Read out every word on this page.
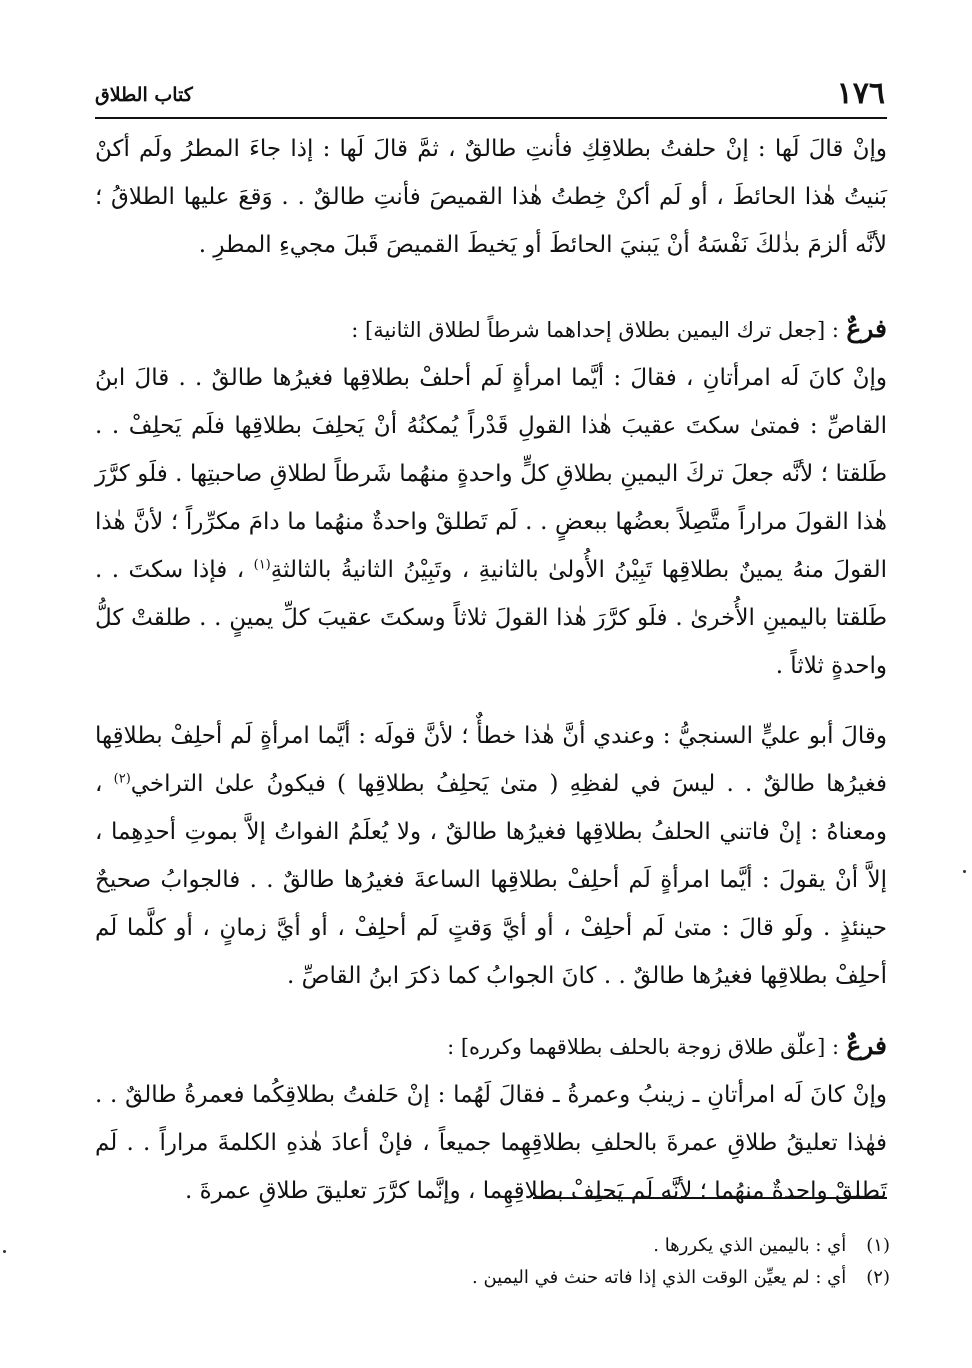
١٧٦
كتاب الطلاق

وإنْ قالَ لَها : إنْ حلفتُ بطلاقِكِ فأنتِ طالقٌ ، ثمَّ قالَ لَها : إذا جاءَ المطرُ ولَم أكنْ بَنيتُ هٰذا الحائطَ ، أو لَم أكنْ خِطتُ هٰذا القميصَ فأنتِ طالقٌ . . وَقعَ عليها الطلاقُ ؛ لأنَّه ألزمَ بذٰلكَ نَفْسَهُ أنْ يَبنيَ الحائطَ أو يَخيطَ القميصَ قَبلَ مجيءِ المطرِ .

فرعٌ : [جعل ترك اليمين بطلاق إحداهما شرطاً لطلاق الثانية] :

وإنْ كانَ لَه امرأتانِ ، فقالَ : أيَّما امرأةٍ لَم أحلفْ بطلاقِها فغيرُها طالقٌ . . قالَ ابنُ القاصِّ : فمتىٰ سكتَ عقيبَ هٰذا القولِ قَدْراً يُمكنُهُ أنْ يَحلِفَ بطلاقِها فلَم يَحلِفْ . . طَلقتا ؛ لأنَّه جعلَ تركَ اليمينِ بطلاقِ كلٍّ واحدةٍ منهُما شَرطاً لطلاقِ صاحبتِها . فلَو كرَّرَ هٰذا القولَ مراراً متَّصِلاً بعضُها ببعضٍ . . لَم تَطلقْ واحدةٌ منهُما ما دامَ مكرِّراً ؛ لأنَّ هٰذا القولَ منهُ يمينٌ بطلاقِها تَبِيْنُ الأُولىٰ بالثانيةِ ، وتَبِيْنُ الثانيةُ بالثالثةِ$^{(١)}$ ، فإذا سكتَ . . طَلقتا باليمينِ الأُخرىٰ . فلَو كرَّرَ هٰذا القولَ ثلاثاً وسكتَ عقيبَ كلِّ يمينٍ . . طلقتْ كلُّ واحدةٍ ثلاثاً .

وقالَ أبو عليٍّ السنجيُّ : وعندي أنَّ هٰذا خطأٌ ؛ لأنَّ قولَه : أيَّما امرأةٍ لَم أحلِفْ بطلاقِها فغيرُها طالقٌ . . ليسَ في لفظِهِ ( متىٰ يَحلِفُ بطلاقِها ) فيكونُ علىٰ التراخي$^{(٢)}$ ، ومعناهُ : إنْ فاتني الحلفُ بطلاقِها فغيرُها طالقٌ ، ولا يُعلَمُ الفواتُ إلاَّ بموتِ أحدِهِما ، إلاَّ أنْ يقولَ : أيَّما امرأةٍ لَم أحلِفْ بطلاقِها الساعةَ فغيرُها طالقٌ . . فالجوابُ صحيحٌ حينئذٍ . ولَو قالَ : متىٰ لَم أحلِفْ ، أو أيَّ وَقتٍ لَم أحلِفْ ، أو أيَّ زمانٍ ، أو كلَّما لَم أحلِفْ بطلاقِها فغيرُها طالقٌ . . كانَ الجوابُ كما ذكرَ ابنُ القاصِّ .

فرعٌ : [علّق طلاق زوجة بالحلف بطلاقهما وكرره] :

وإنْ كانَ لَه امرأتانِ ـ زينبُ وعمرةُ ـ فقالَ لَهُما : إنْ حَلفتُ بطلاقِكُما فعمرةُ طالقٌ . . فهٰذا تعليقُ طلاقِ عمرةَ بالحلفِ بطلاقِهِما جميعاً ، فإنْ أعادَ هٰذهِ الكلمةَ مراراً . . لَم تَطلقْ واحدةٌ منهُما ؛ لأنَّه لَم يَحلِفْ بطلاقِهِما ، وإنَّما كرَّرَ تعليقَ طلاقِ عمرةَ .

(١) أي : باليمين الذي يكررها .

(٢) أي : لم يعيِّن الوقت الذي إذا فاته حنث في اليمين .
